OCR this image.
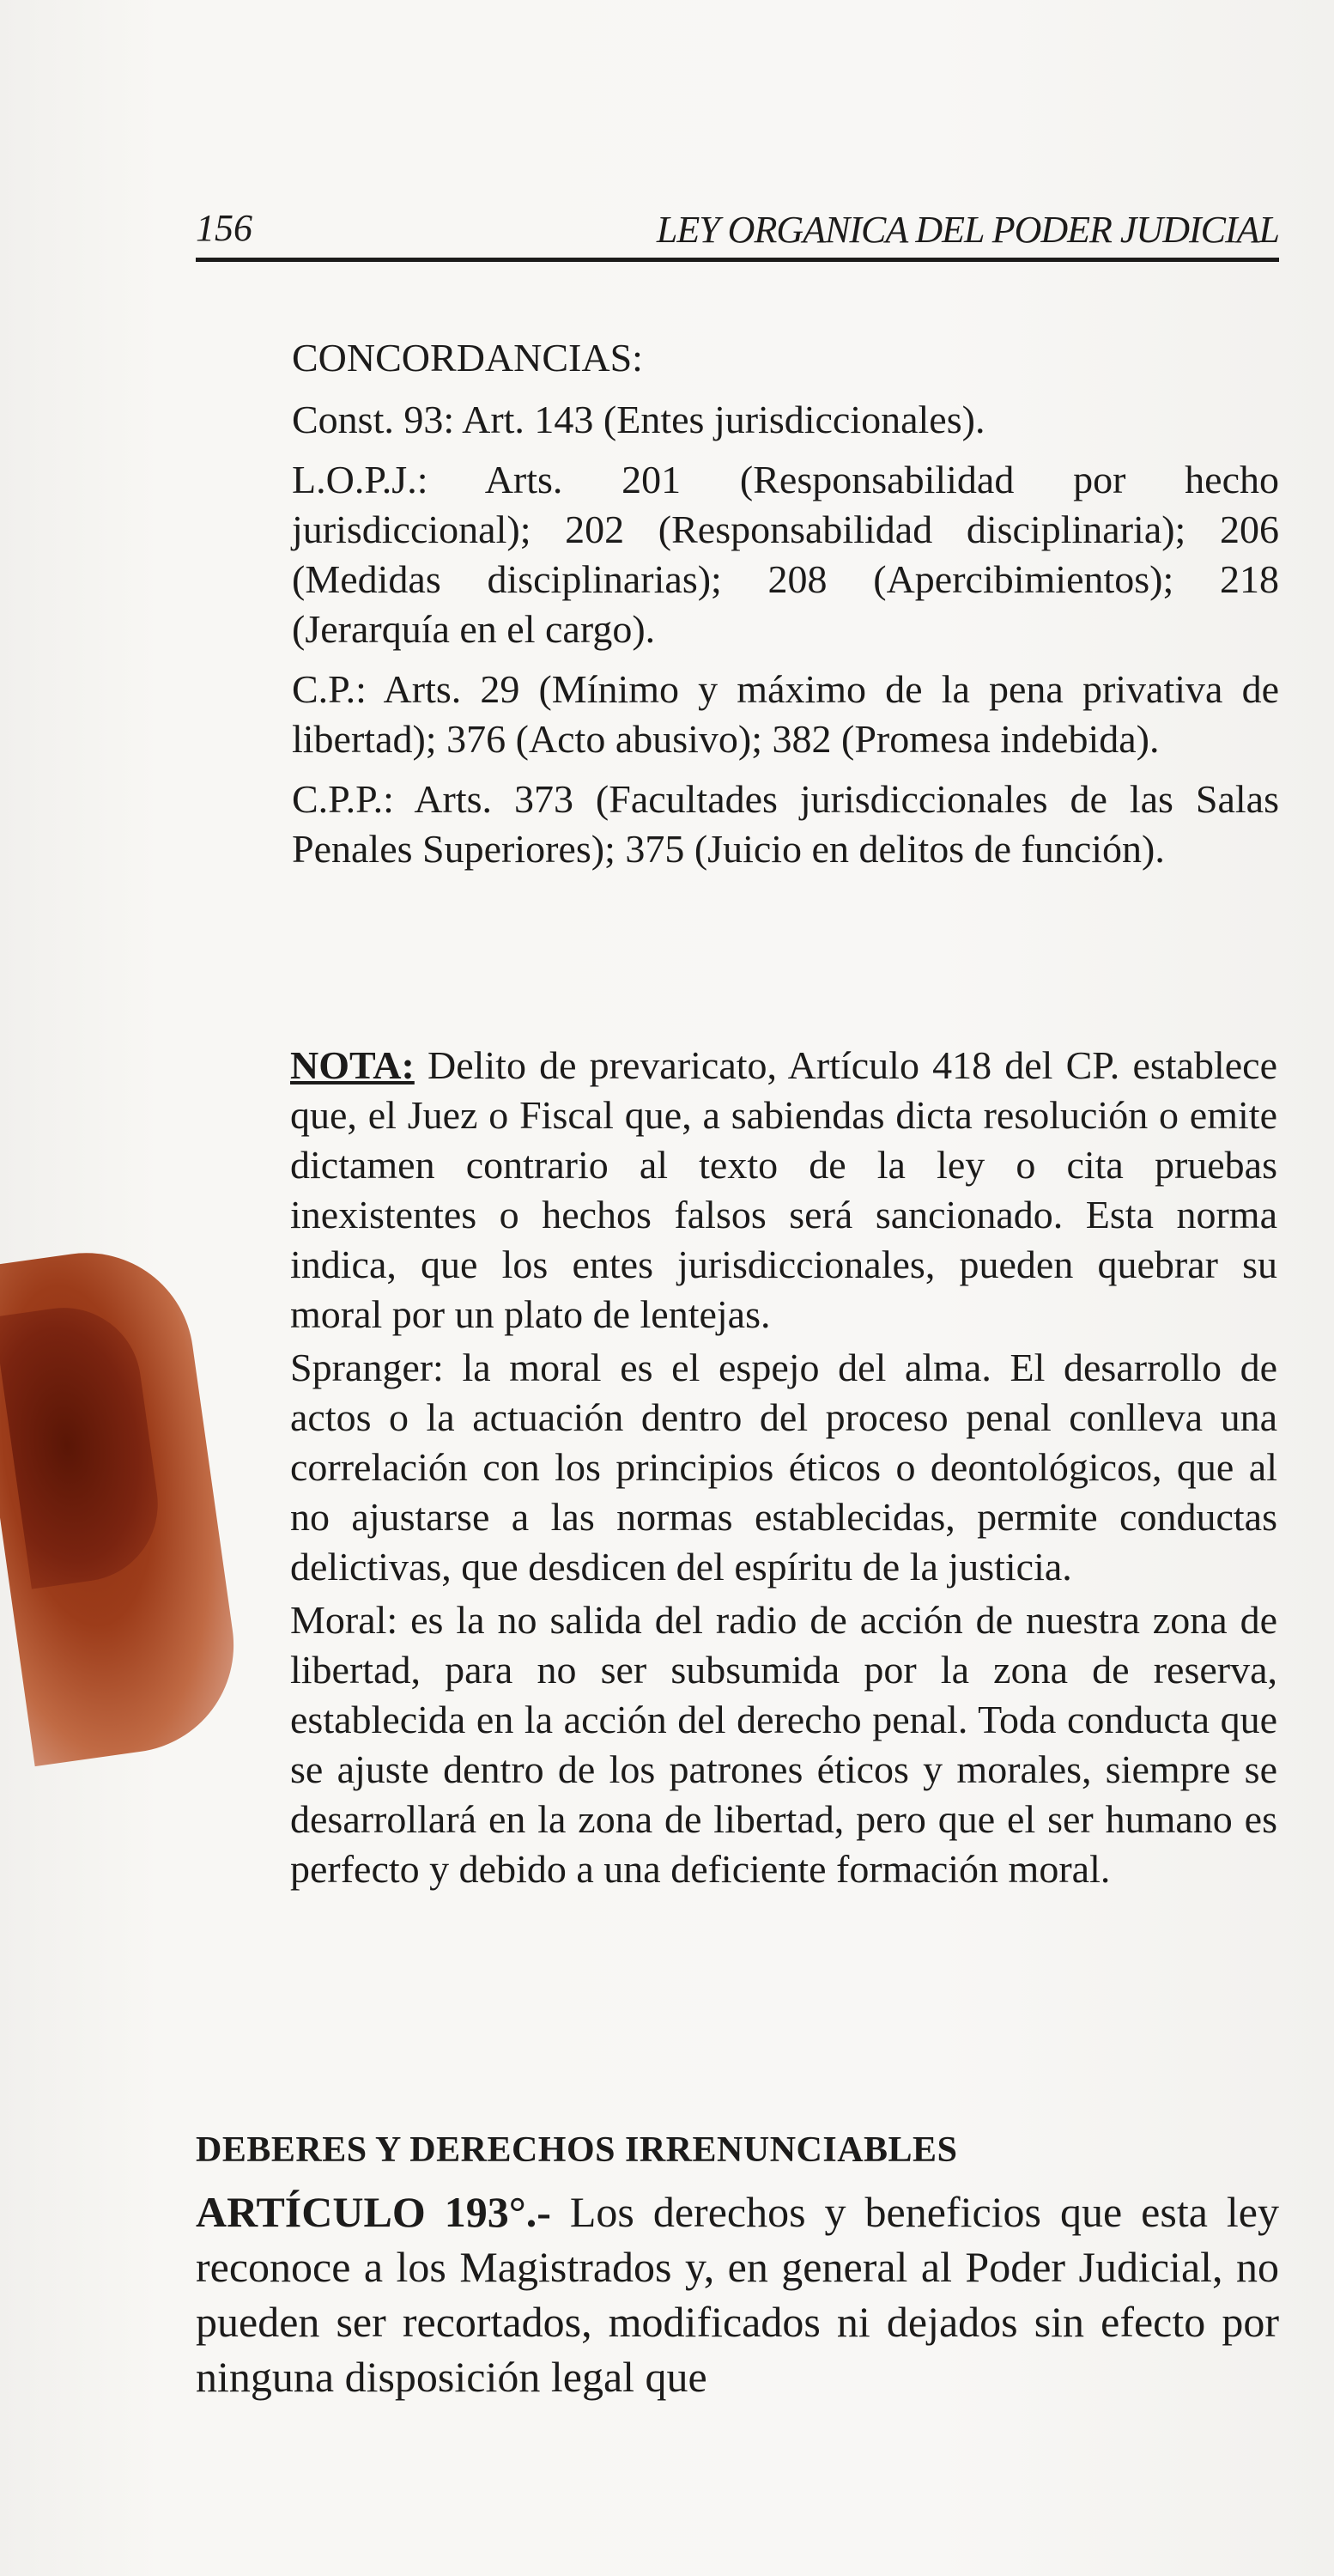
156	LEY ORGANICA DEL PODER JUDICIAL
CONCORDANCIAS:

Const. 93: Art. 143 (Entes jurisdiccionales).

L.O.P.J.: Arts. 201 (Responsabilidad por hecho jurisdiccional); 202 (Responsabilidad disciplinaria); 206 (Medidas disciplinarias); 208 (Apercibimientos); 218 (Jerarquía en el cargo).

C.P.: Arts. 29 (Mínimo y máximo de la pena privativa de libertad); 376 (Acto abusivo); 382 (Promesa indebida).

C.P.P.: Arts. 373 (Facultades jurisdiccionales de las Salas Penales Superiores); 375 (Juicio en delitos de función).

NOTA: Delito de prevaricato, Artículo 418 del CP. establece que, el Juez o Fiscal que, a sabiendas dicta resolución o emite dictamen contrario al texto de la ley o cita pruebas inexistentes o hechos falsos será sancionado. Esta norma indica, que los entes jurisdiccionales, pueden quebrar su moral por un plato de lentejas.

Spranger: la moral es el espejo del alma. El desarrollo de actos o la actuación dentro del proceso penal conlleva una correlación con los principios éticos o deontológicos, que al no ajustarse a las normas establecidas, permite conductas delictivas, que desdicen del espíritu de la justicia.

Moral: es la no salida del radio de acción de nuestra zona de libertad, para no ser subsumida por la zona de reserva, establecida en la acción del derecho penal. Toda conducta que se ajuste dentro de los patrones éticos y morales, siempre se desarrollará en la zona de libertad, pero que el ser humano es perfecto y debido a una deficiente formación moral.

DEBERES Y DERECHOS IRRENUNCIABLES
ARTÍCULO 193°.- Los derechos y beneficios que esta ley reconoce a los Magistrados y, en general al Poder Judicial, no pueden ser recortados, modificados ni dejados sin efecto por ninguna disposición legal que
